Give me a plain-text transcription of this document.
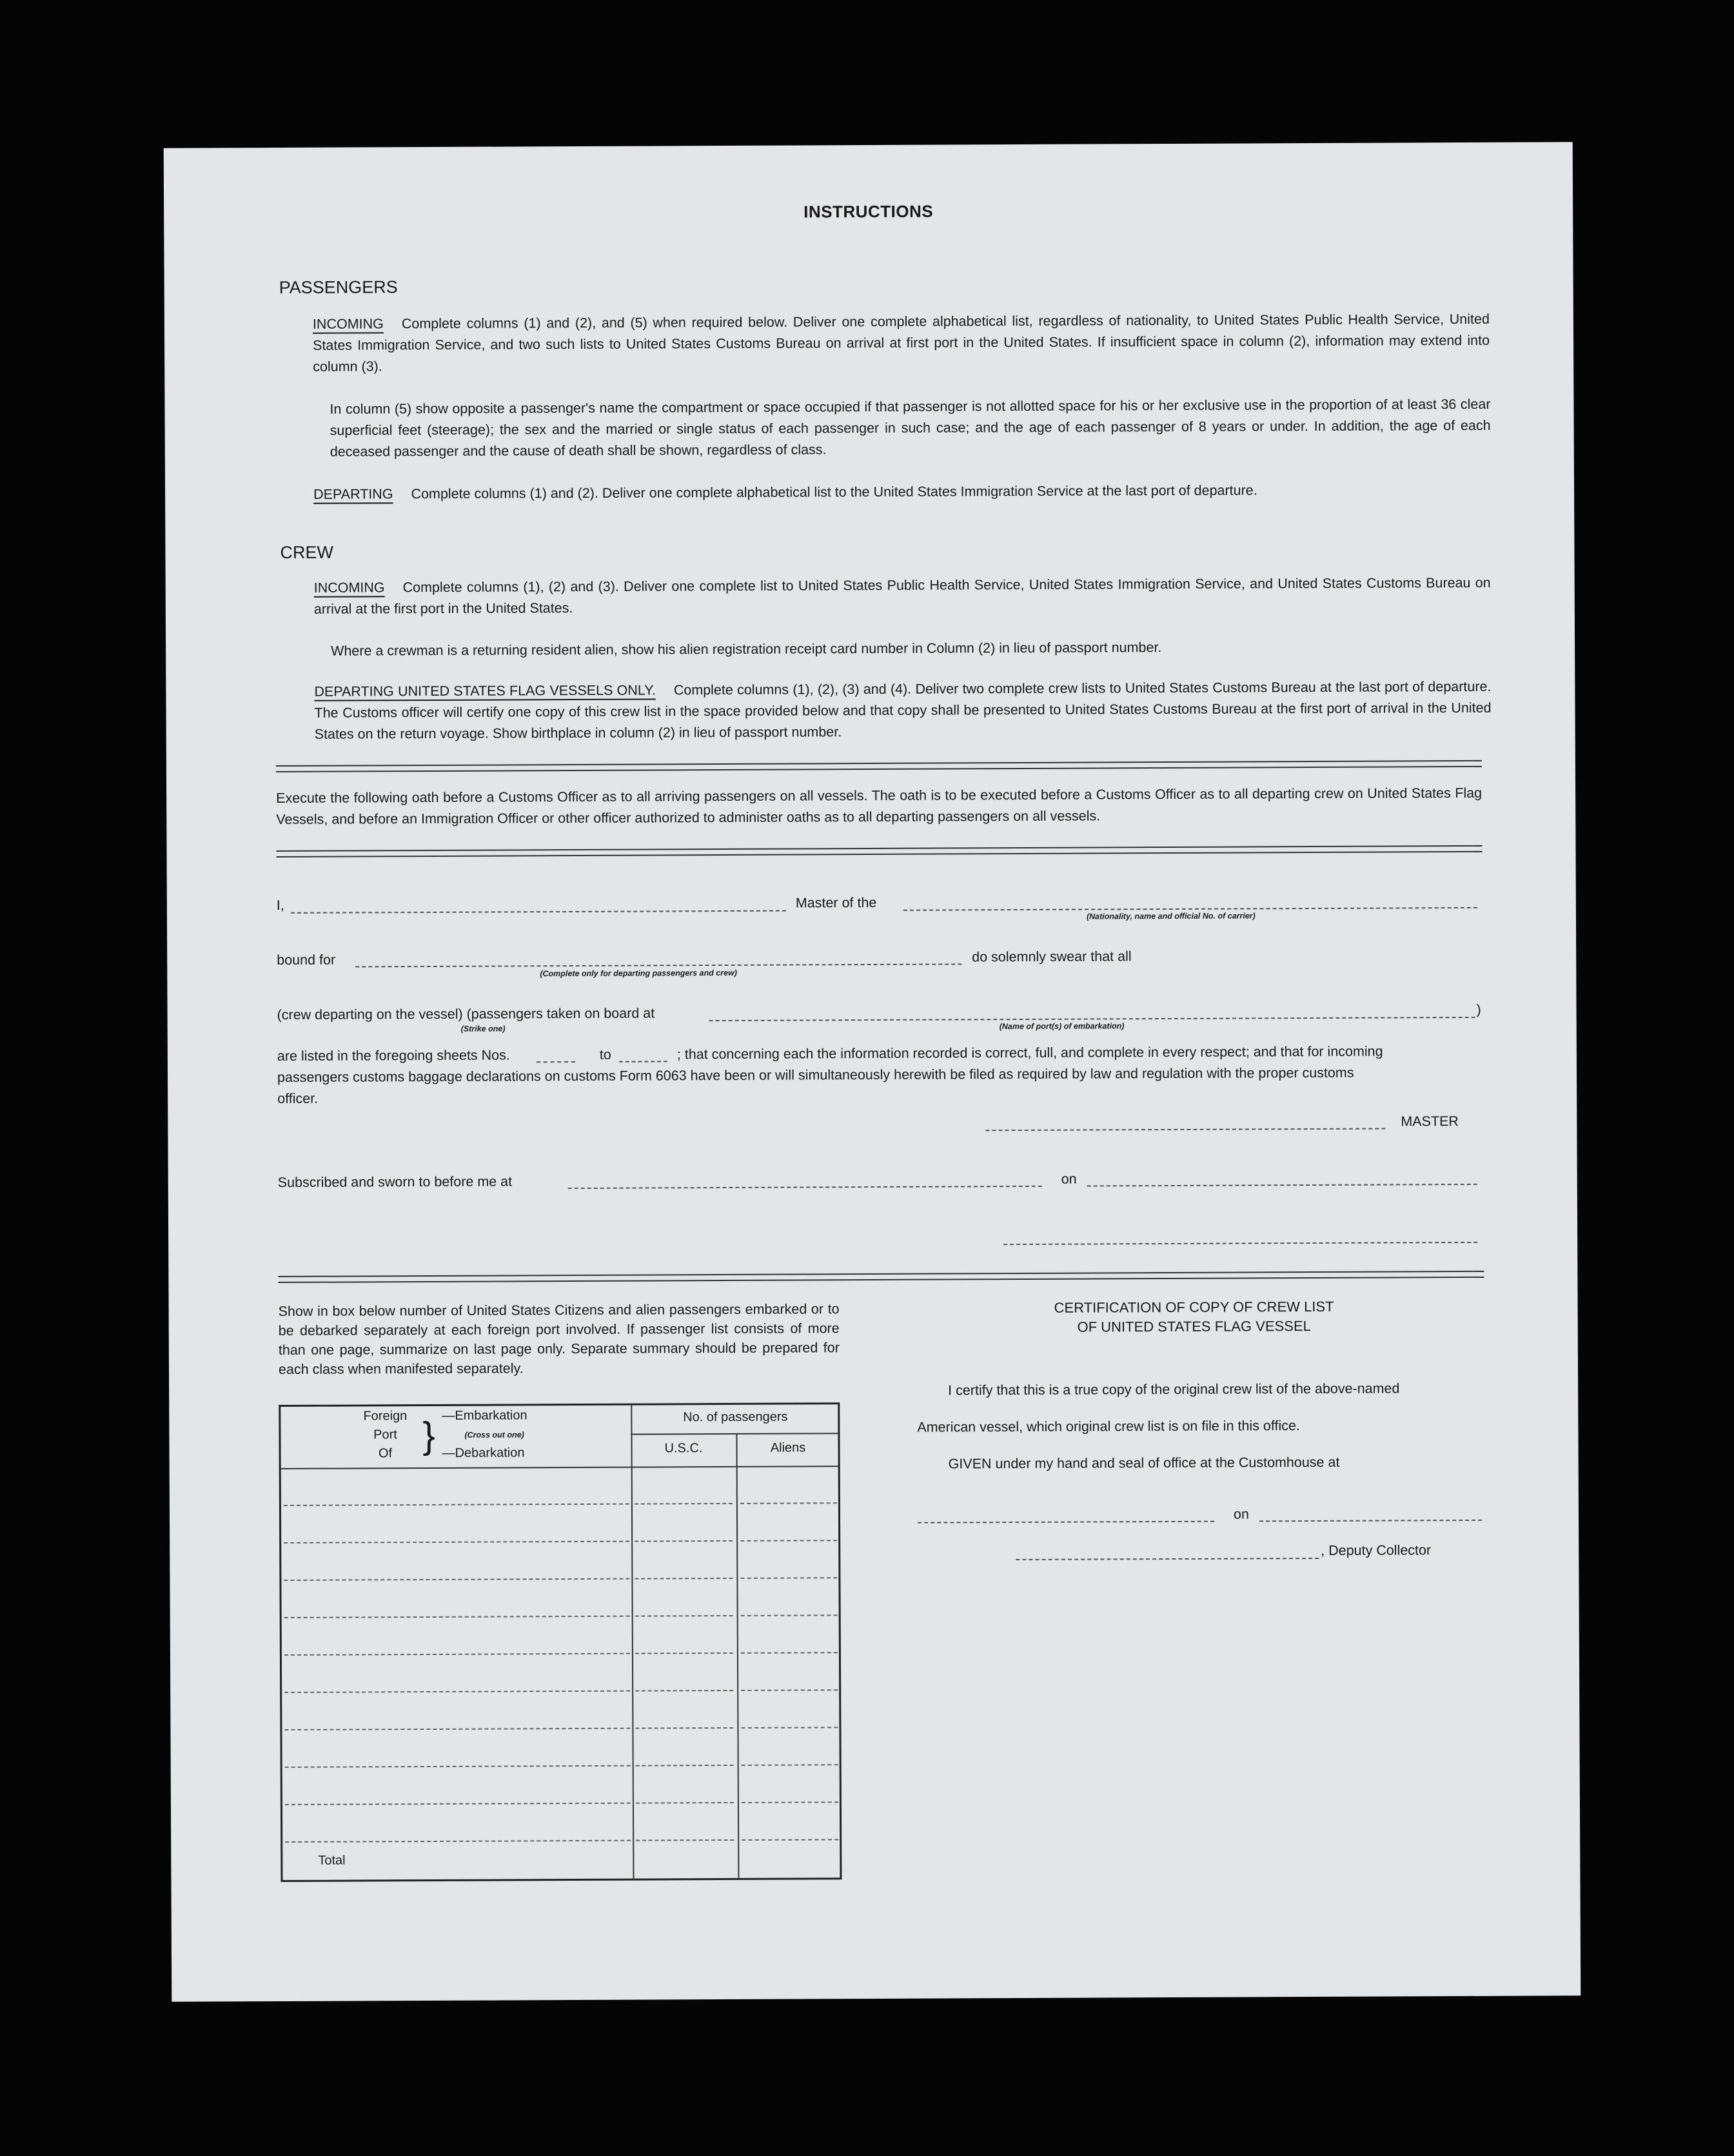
INSTRUCTIONS
PASSENGERS
INCOMING Complete columns (1) and (2), and (5) when required below. Deliver one complete alphabetical list, regardless of nationality, to United States Public Health Service, United States Immigration Service, and two such lists to United States Customs Bureau on arrival at first port in the United States. If insufficient space in column (2), information may extend into column (3).
In column (5) show opposite a passenger's name the compartment or space occupied if that passenger is not allotted space for his or her exclusive use in the proportion of at least 36 clear superficial feet (steerage); the sex and the married or single status of each passenger in such case; and the age of each passenger of 8 years or under. In addition, the age of each deceased passenger and the cause of death shall be shown, regardless of class.
DEPARTING Complete columns (1) and (2). Deliver one complete alphabetical list to the United States Immigration Service at the last port of departure.
CREW
INCOMING Complete columns (1), (2) and (3). Deliver one complete list to United States Public Health Service, United States Immigration Service, and United States Customs Bureau on arrival at the first port in the United States.
Where a crewman is a returning resident alien, show his alien registration receipt card number in Column (2) in lieu of passport number.
DEPARTING UNITED STATES FLAG VESSELS ONLY. Complete columns (1), (2), (3) and (4). Deliver two complete crew lists to United States Customs Bureau at the last port of departure. The Customs officer will certify one copy of this crew list in the space provided below and that copy shall be presented to United States Customs Bureau at the first port of arrival in the United States on the return voyage. Show birthplace in column (2) in lieu of passport number.
Execute the following oath before a Customs Officer as to all arriving passengers on all vessels. The oath is to be executed before a Customs Officer as to all departing crew on United States Flag Vessels, and before an Immigration Officer or other officer authorized to administer oaths as to all departing passengers on all vessels.
I,	Master of the
(Nationality, name and official No. of carrier)
bound for
(Complete only for departing passengers and crew)
do solemnly swear that all
(crew departing on the vessel) (passengers taken on board at
(Strike one)
)
(Name of port(s) of embarkation)
are listed in the foregoing sheets Nos.	to	; that concerning each the information recorded is correct, full, and complete in every respect; and that for incoming
passengers customs baggage declarations on customs Form 6063 have been or will simultaneously herewith be filed as required by law and regulation with the proper customs
officer.
MASTER
Subscribed and sworn to before me at	on
Show in box below number of United States Citizens and alien passengers embarked or to be debarked separately at each foreign port involved. If passenger list consists of more than one page, summarize on last page only. Separate summary should be prepared for each class when manifested separately.
Foreign
Port
Of } —Embarkation
(Cross out one)
—Debarkation
No. of passengers
U.S.C.	Aliens
Total
CERTIFICATION OF COPY OF CREW LIST
OF UNITED STATES FLAG VESSEL
I certify that this is a true copy of the original crew list of the above-named
American vessel, which original crew list is on file in this office.
GIVEN under my hand and seal of office at the Customhouse at
on
, Deputy Collector
